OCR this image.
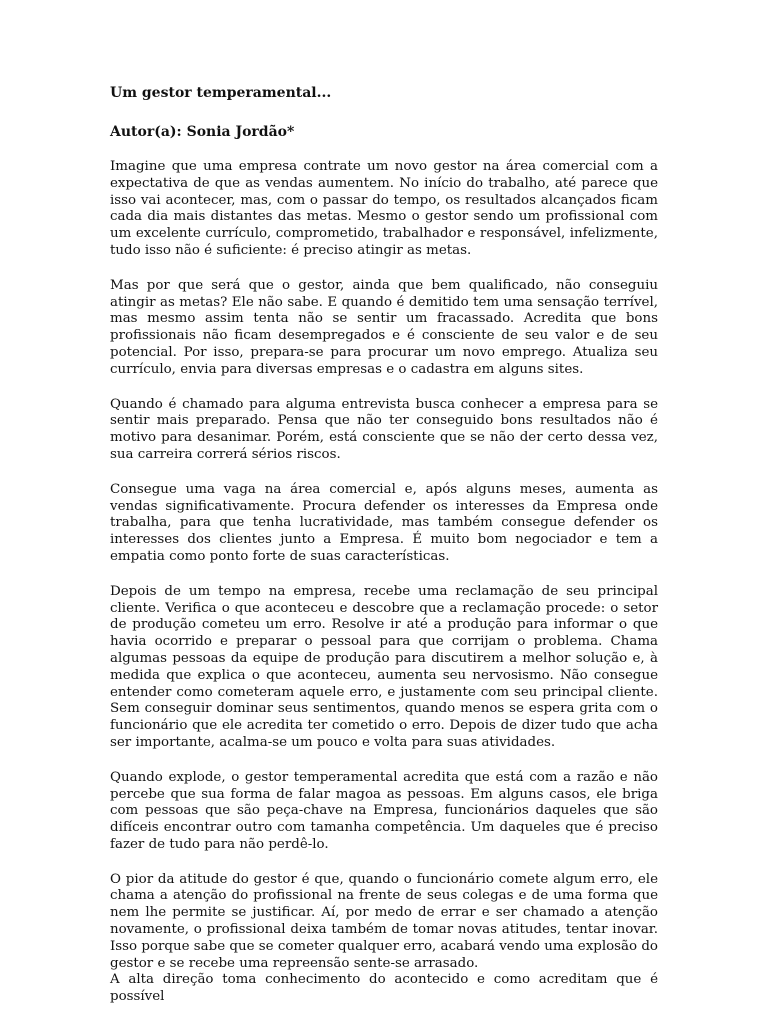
Um gestor temperamental...
Autor(a): Sonia Jordão*

Imagine que uma empresa contrate um novo gestor na área comercial com a expectativa de que as vendas aumentem. No início do trabalho, até parece que isso vai acontecer, mas, com o passar do tempo, os resultados alcançados ficam cada dia mais distantes das metas. Mesmo o gestor sendo um profissional com um excelente currículo, comprometido, trabalhador e responsável, infelizmente, tudo isso não é suficiente: é preciso atingir as metas.

Mas por que será que o gestor, ainda que bem qualificado, não conseguiu atingir as metas? Ele não sabe. E quando é demitido tem uma sensação terrível, mas mesmo assim tenta não se sentir um fracassado. Acredita que bons profissionais não ficam desempregados e é consciente de seu valor e de seu potencial. Por isso, prepara-se para procurar um novo emprego. Atualiza seu currículo, envia para diversas empresas e o cadastra em alguns sites.

Quando é chamado para alguma entrevista busca conhecer a empresa para se sentir mais preparado. Pensa que não ter conseguido bons resultados não é motivo para desanimar. Porém, está consciente que se não der certo dessa vez, sua carreira correrá sérios riscos.

Consegue uma vaga na área comercial e, após alguns meses, aumenta as vendas significativamente. Procura defender os interesses da Empresa onde trabalha, para que tenha lucratividade, mas também consegue defender os interesses dos clientes junto a Empresa. É muito bom negociador e tem a empatia como ponto forte de suas características.

Depois de um tempo na empresa, recebe uma reclamação de seu principal cliente. Verifica o que aconteceu e descobre que a reclamação procede: o setor de produção cometeu um erro. Resolve ir até a produção para informar o que havia ocorrido e preparar o pessoal para que corrijam o problema. Chama algumas pessoas da equipe de produção para discutirem a melhor solução e, à medida que explica o que aconteceu, aumenta seu nervosismo. Não consegue entender como cometeram aquele erro, e justamente com seu principal cliente. Sem conseguir dominar seus sentimentos, quando menos se espera grita com o funcionário que ele acredita ter cometido o erro. Depois de dizer tudo que acha ser importante, acalma-se um pouco e volta para suas atividades.

Quando explode, o gestor temperamental acredita que está com a razão e não percebe que sua forma de falar magoa as pessoas. Em alguns casos, ele briga com pessoas que são peça-chave na Empresa, funcionários daqueles que são difíceis encontrar outro com tamanha competência. Um daqueles que é preciso fazer de tudo para não perdê-lo.

O pior da atitude do gestor é que, quando o funcionário comete algum erro, ele chama a atenção do profissional na frente de seus colegas e de uma forma que nem lhe permite se justificar. Aí, por medo de errar e ser chamado a atenção novamente, o profissional deixa também de tomar novas atitudes, tentar inovar. Isso porque sabe que se cometer qualquer erro, acabará vendo uma explosão do gestor e se recebe uma repreensão sente-se arrasado.

A alta direção toma conhecimento do acontecido e como acreditam que é possível
